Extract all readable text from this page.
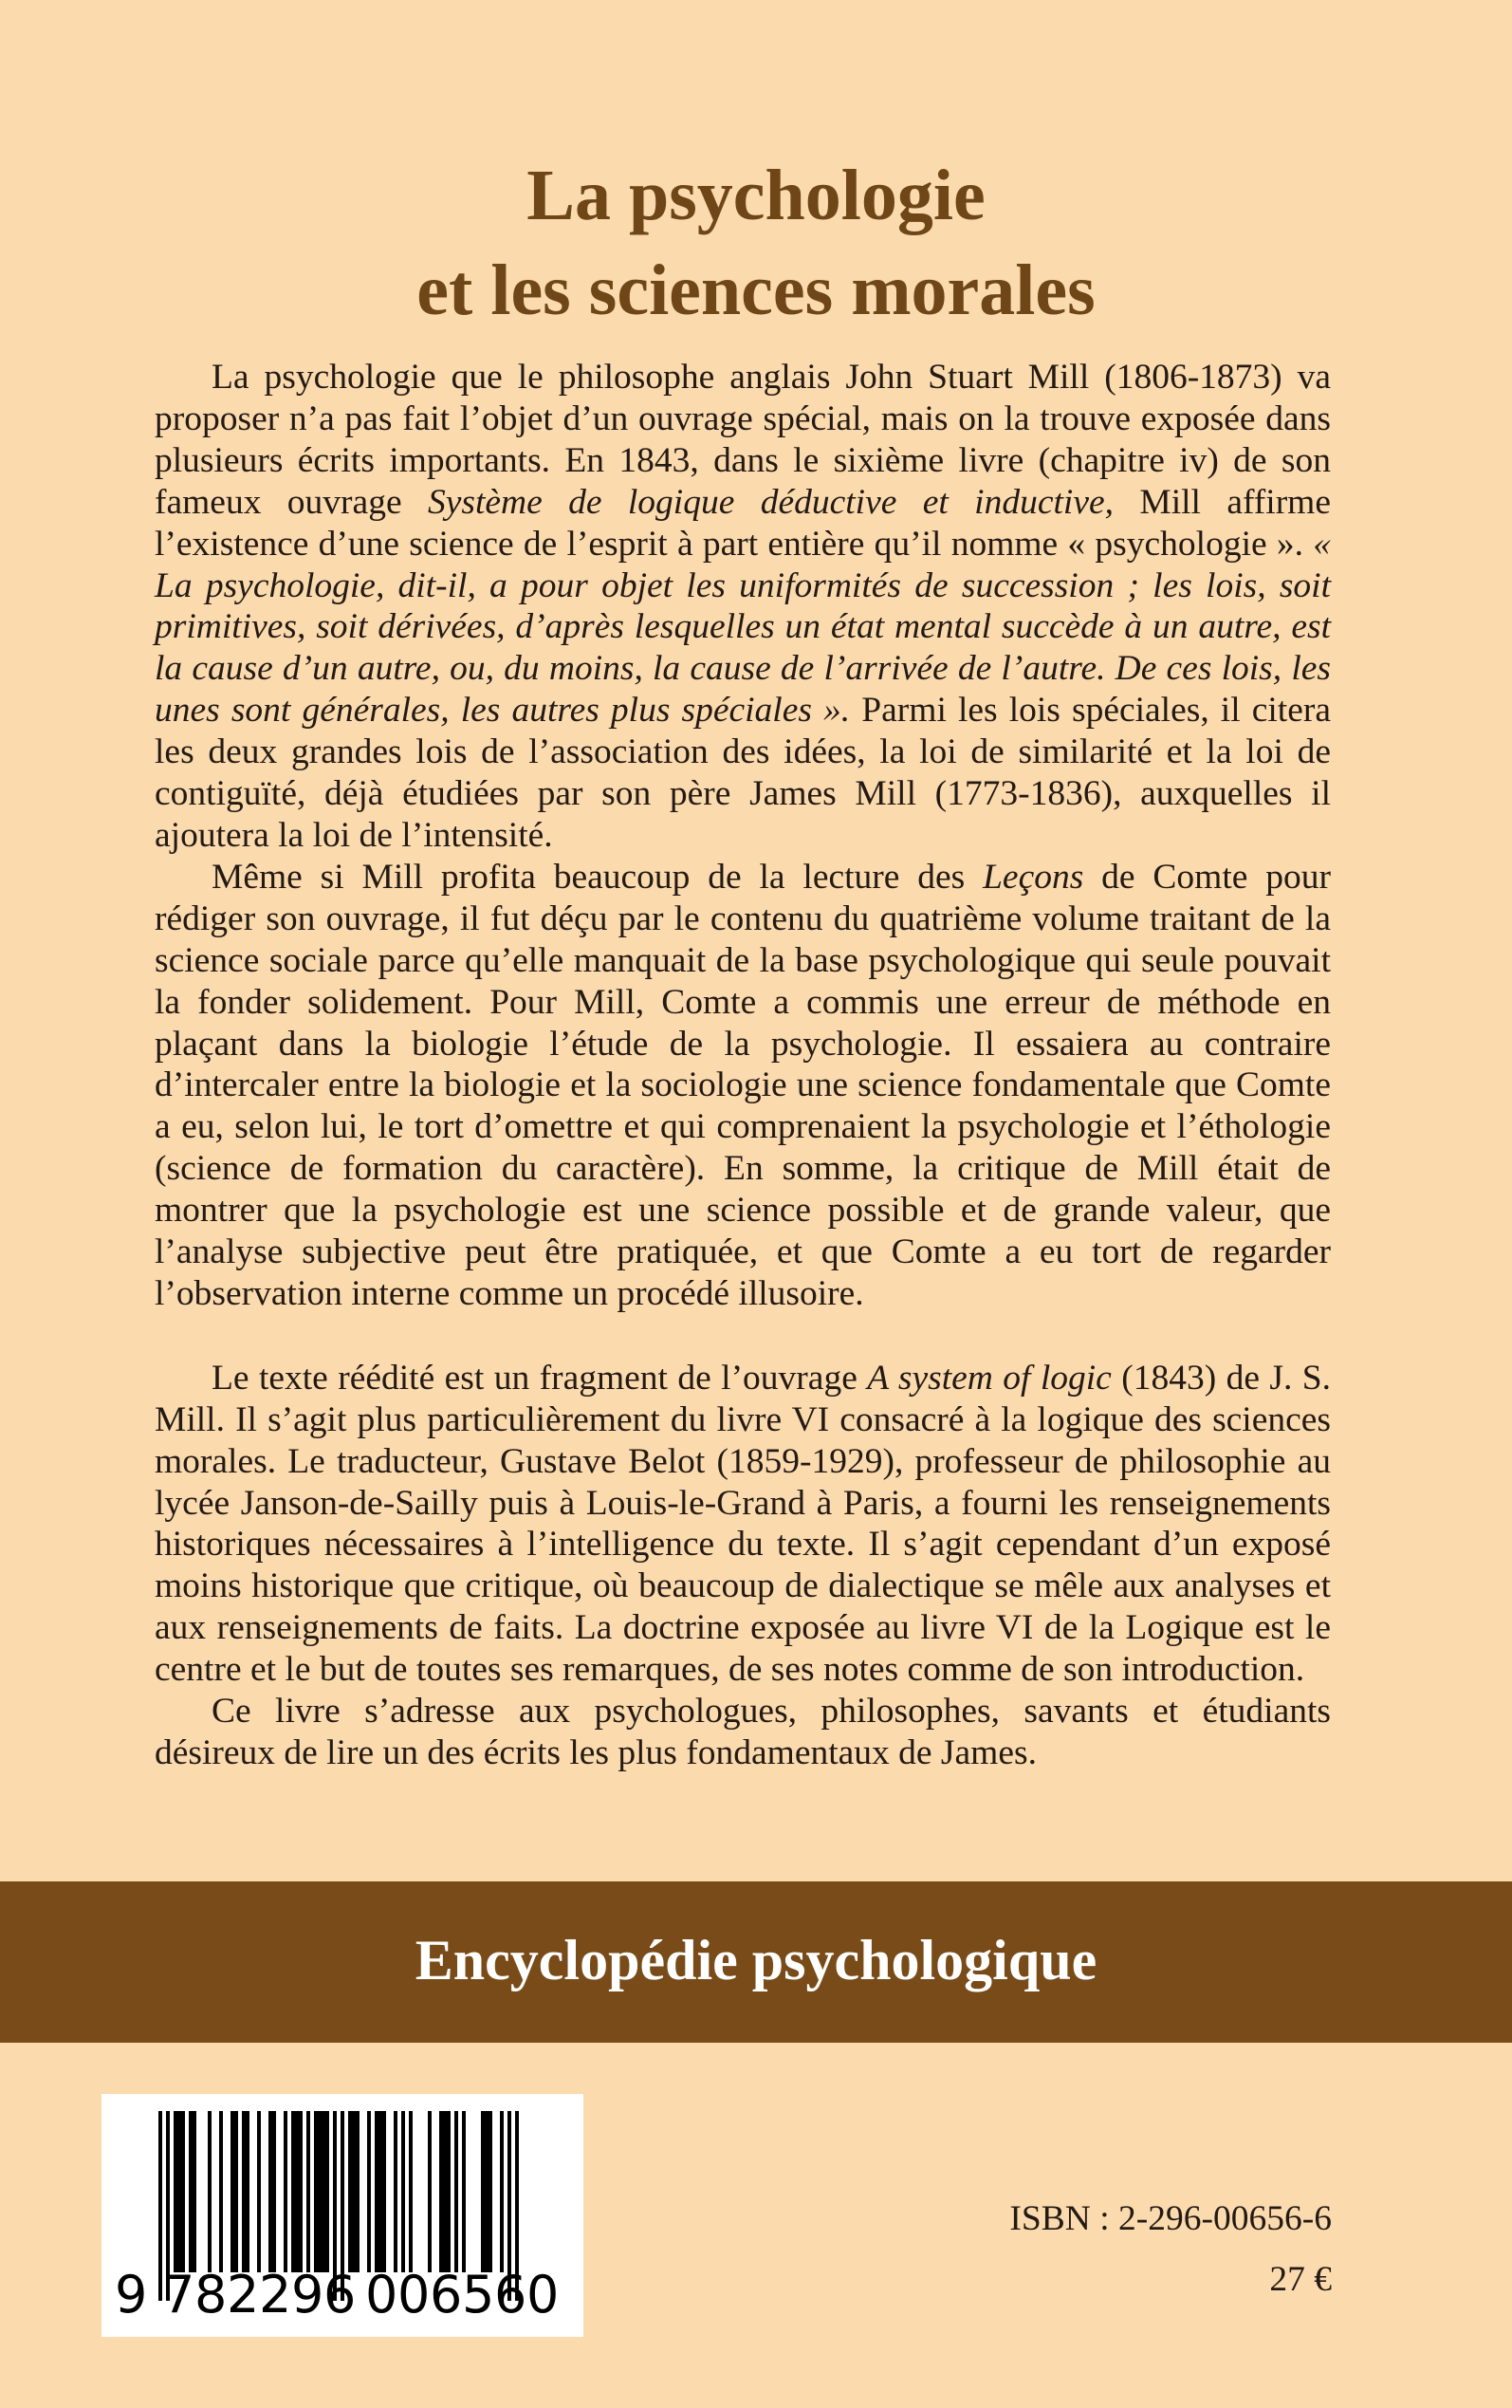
La psychologie
et les sciences morales

La psychologie que le philosophe anglais John Stuart Mill (1806-1873) va proposer n’a pas fait l’objet d’un ouvrage spécial, mais on la trouve exposée dans plusieurs écrits importants. En 1843, dans le sixième livre (chapitre iv) de son fameux ouvrage Système de logique déductive et inductive, Mill affirme l’existence d’une science de l’esprit à part entière qu’il nomme « psychologie ». « La psychologie, dit-il, a pour objet les uniformités de succession ; les lois, soit primitives, soit dérivées, d’après lesquelles un état mental succède à un autre, est la cause d’un autre, ou, du moins, la cause de l’arrivée de l’autre. De ces lois, les unes sont générales, les autres plus spéciales ». Parmi les lois spéciales, il citera les deux grandes lois de l’association des idées, la loi de similarité et la loi de contiguïté, déjà étudiées par son père James Mill (1773-1836), auxquelles il ajoutera la loi de l’intensité.

Même si Mill profita beaucoup de la lecture des Leçons de Comte pour rédiger son ouvrage, il fut déçu par le contenu du quatrième volume traitant de la science sociale parce qu’elle manquait de la base psychologique qui seule pouvait la fonder solidement. Pour Mill, Comte a commis une erreur de méthode en plaçant dans la biologie l’étude de la psychologie. Il essaiera au contraire d’intercaler entre la biologie et la sociologie une science fondamentale que Comte a eu, selon lui, le tort d’omettre et qui comprenaient la psychologie et l’éthologie (science de formation du caractère). En somme, la critique de Mill était de montrer que la psychologie est une science possible et de grande valeur, que l’analyse subjective peut être pratiquée, et que Comte a eu tort de regarder l’observation interne comme un procédé illusoire.

Le texte réédité est un fragment de l’ouvrage A system of logic (1843) de J. S. Mill. Il s’agit plus particulièrement du livre VI consacré à la logique des sciences morales. Le traducteur, Gustave Belot (1859-1929), professeur de philosophie au lycée Janson-de-Sailly puis à Louis-le-Grand à Paris, a fourni les renseignements historiques nécessaires à l’intelligence du texte. Il s’agit cependant d’un exposé moins historique que critique, où beaucoup de dialectique se mêle aux analyses et aux renseignements de faits. La doctrine exposée au livre VI de la Logique est le centre et le but de toutes ses remarques, de ses notes comme de son introduction.

Ce livre s’adresse aux psychologues, philosophes, savants et étudiants désireux de lire un des écrits les plus fondamentaux de James.

Encyclopédie psychologique
9 7 8 2 2 9 6 0 0 6 5 6 0
ISBN : 2-296-00656-6
27 €
